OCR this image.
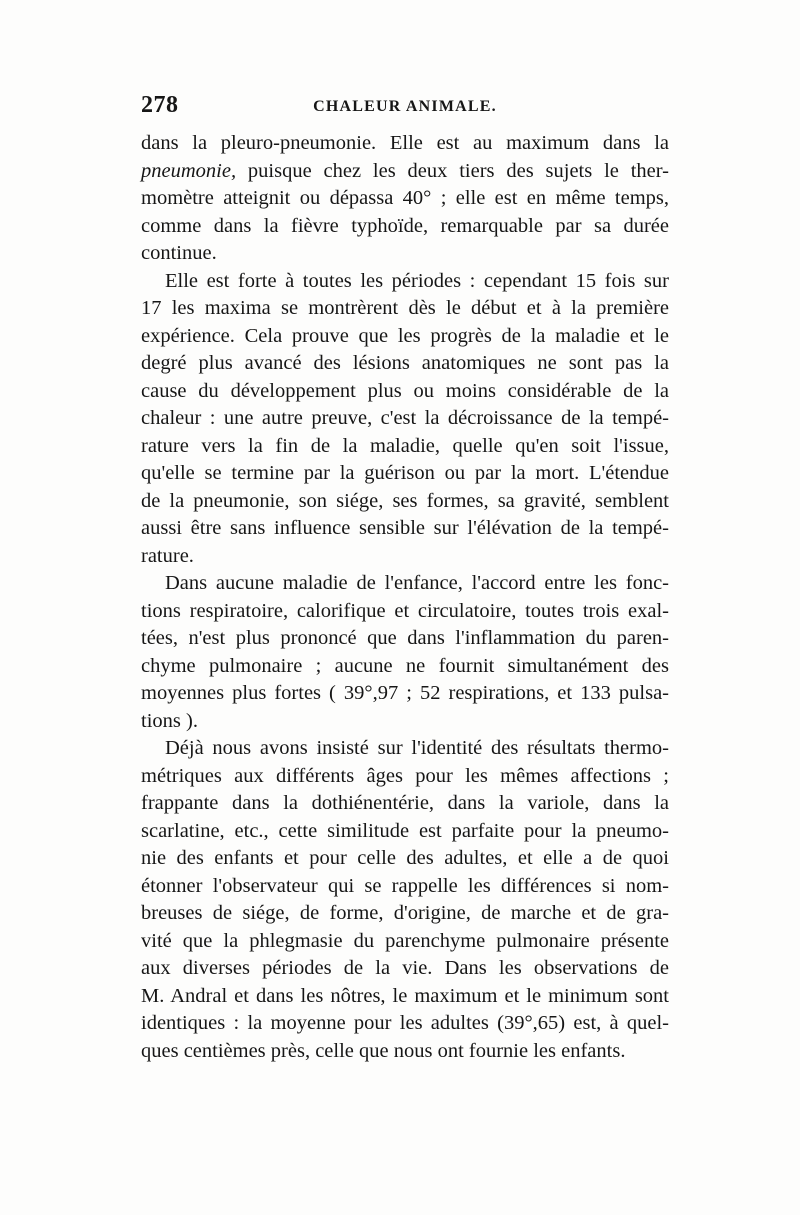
278	CHALEUR ANIMALE.
dans la pleuro-pneumonie. Elle est au maximum dans la
pneumonie, puisque chez les deux tiers des sujets le ther-
momètre atteignit ou dépassa 40° ; elle est en même temps,
comme dans la fièvre typhoïde, remarquable par sa durée
continue.
Elle est forte à toutes les périodes : cependant 15 fois sur
17 les maxima se montrèrent dès le début et à la première
expérience. Cela prouve que les progrès de la maladie et le
degré plus avancé des lésions anatomiques ne sont pas la
cause du développement plus ou moins considérable de la
chaleur : une autre preuve, c'est la décroissance de la tempé-
rature vers la fin de la maladie, quelle qu'en soit l'issue,
qu'elle se termine par la guérison ou par la mort. L'étendue
de la pneumonie, son siége, ses formes, sa gravité, semblent
aussi être sans influence sensible sur l'élévation de la tempé-
rature.
Dans aucune maladie de l'enfance, l'accord entre les fonc-
tions respiratoire, calorifique et circulatoire, toutes trois exal-
tées, n'est plus prononcé que dans l'inflammation du paren-
chyme pulmonaire ; aucune ne fournit simultanément des
moyennes plus fortes ( 39°,97 ; 52 respirations, et 133 pulsa-
tions ).
Déjà nous avons insisté sur l'identité des résultats thermo-
métriques aux différents âges pour les mêmes affections ;
frappante dans la dothiénentérie, dans la variole, dans la
scarlatine, etc., cette similitude est parfaite pour la pneumo-
nie des enfants et pour celle des adultes, et elle a de quoi
étonner l'observateur qui se rappelle les différences si nom-
breuses de siége, de forme, d'origine, de marche et de gra-
vité que la phlegmasie du parenchyme pulmonaire présente
aux diverses périodes de la vie. Dans les observations de
M. Andral et dans les nôtres, le maximum et le minimum sont
identiques : la moyenne pour les adultes (39°,65) est, à quel-
ques centièmes près, celle que nous ont fournie les enfants.
